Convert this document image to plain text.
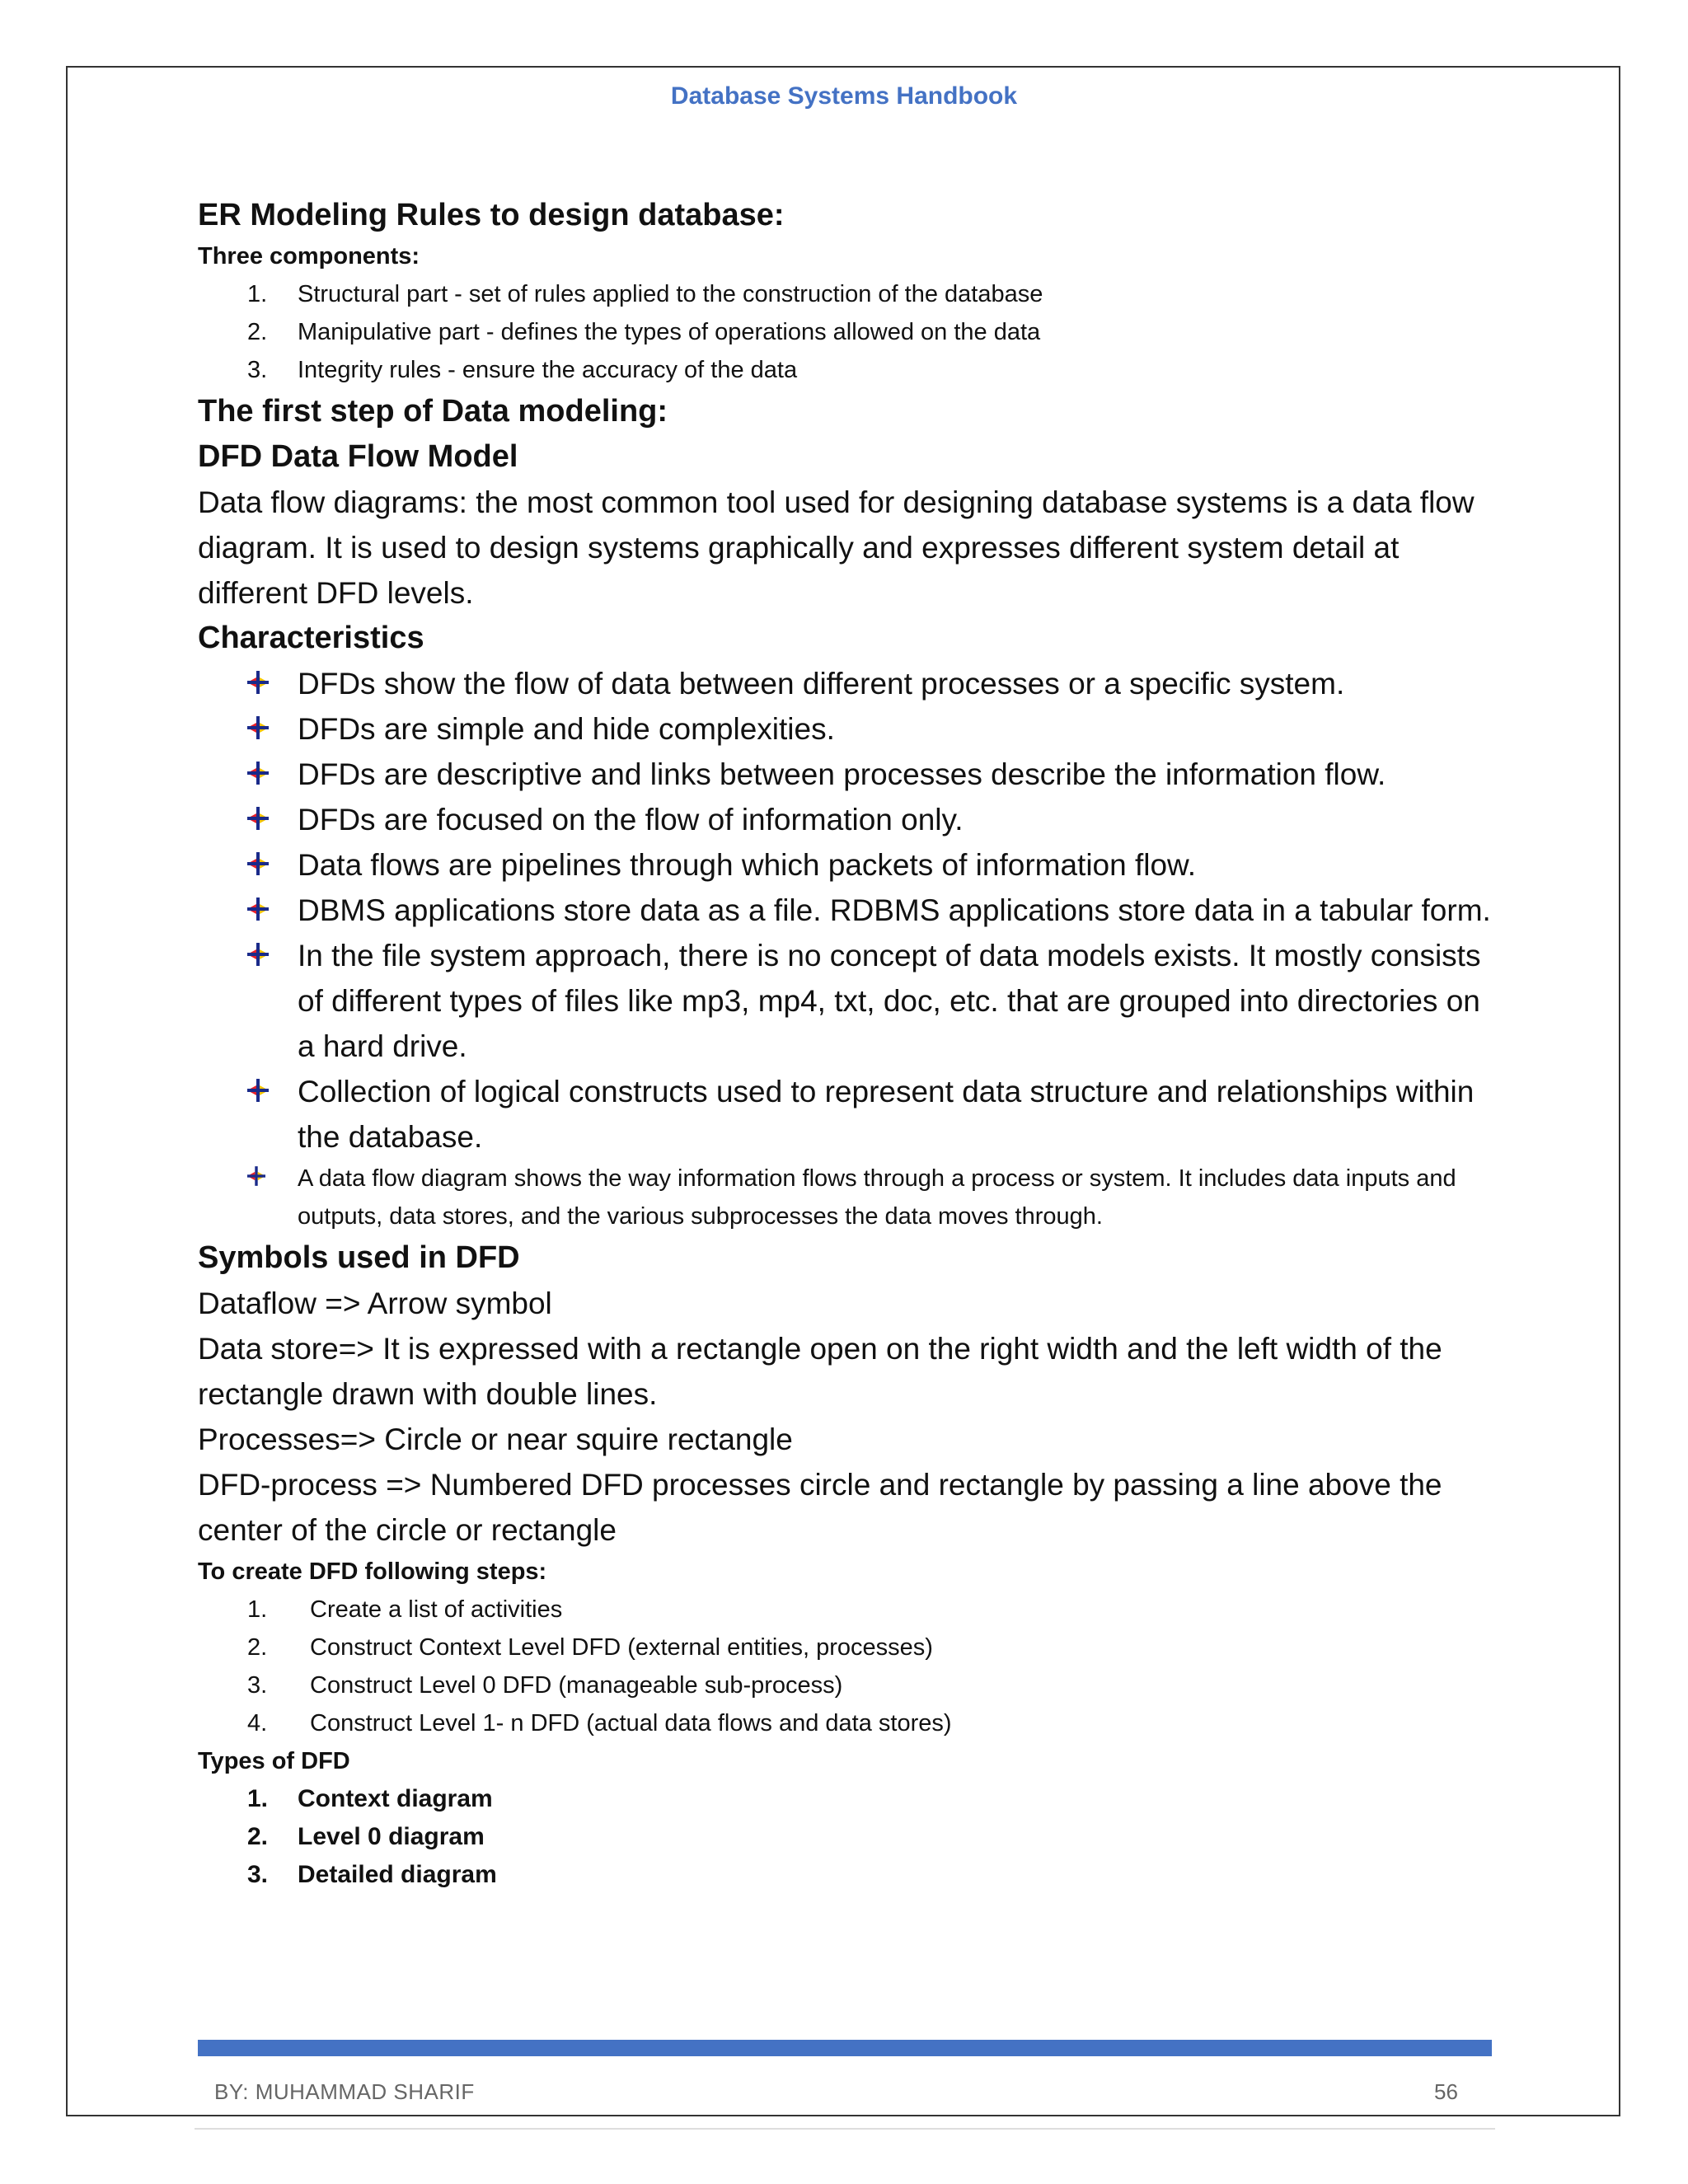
Database Systems Handbook

ER Modeling Rules to design database:

Three components:

1. Structural part - set of rules applied to the construction of the database
2. Manipulative part - defines the types of operations allowed on the data
3. Integrity rules - ensure the accuracy of the data

The first step of Data modeling:

DFD Data Flow Model

Data flow diagrams: the most common tool used for designing database systems is a data flow diagram. It is used to design systems graphically and expresses different system detail at different DFD levels.

Characteristics

DFDs show the flow of data between different processes or a specific system.
DFDs are simple and hide complexities.
DFDs are descriptive and links between processes describe the information flow.
DFDs are focused on the flow of information only.
Data flows are pipelines through which packets of information flow.
DBMS applications store data as a file. RDBMS applications store data in a tabular form.
In the file system approach, there is no concept of data models exists. It mostly consists of different types of files like mp3, mp4, txt, doc, etc. that are grouped into directories on a hard drive.
Collection of logical constructs used to represent data structure and relationships within the database.
A data flow diagram shows the way information flows through a process or system. It includes data inputs and outputs, data stores, and the various subprocesses the data moves through.

Symbols used in DFD

Dataflow => Arrow symbol

Data store=> It is expressed with a rectangle open on the right width and the left width of the rectangle drawn with double lines.

Processes=> Circle or near squire rectangle

DFD-process => Numbered DFD processes circle and rectangle by passing a line above the center of the circle or rectangle

To create DFD following steps:

1. Create a list of activities
2. Construct Context Level DFD (external entities, processes)
3. Construct Level 0 DFD (manageable sub-process)
4. Construct Level 1- n DFD (actual data flows and data stores)

Types of DFD

1. Context diagram
2. Level 0 diagram
3. Detailed diagram
BY: MUHAMMAD SHARIF	56
